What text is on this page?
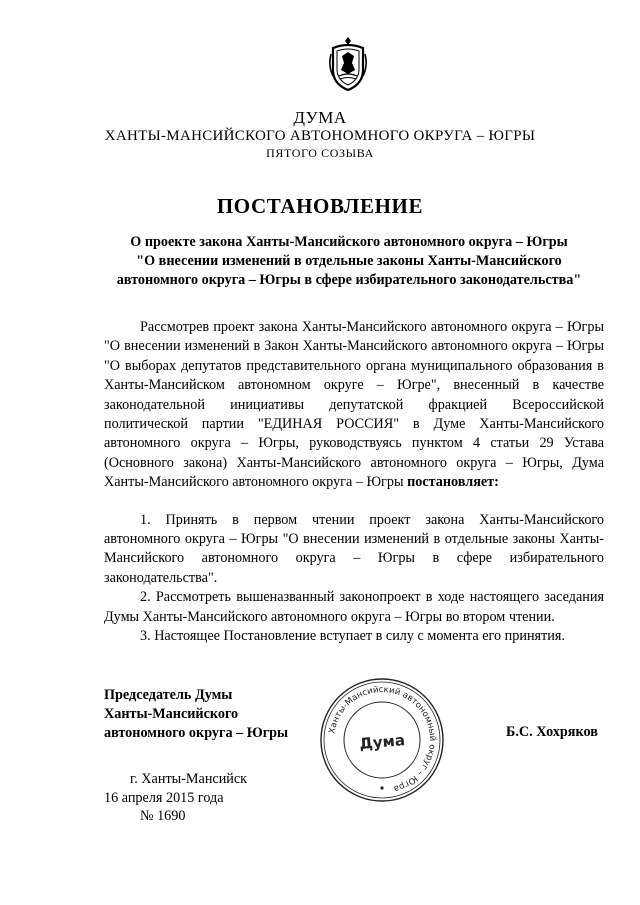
ДУМА
ХАНТЫ-МАНСИЙСКОГО АВТОНОМНОГО ОКРУГА – ЮГРЫ
ПЯТОГО СОЗЫВА
ПОСТАНОВЛЕНИЕ
О проекте закона Ханты-Мансийского автономного округа – Югры
"О внесении изменений в отдельные законы Ханты-Мансийского
автономного округа – Югры в сфере избирательного законодательства"

Рассмотрев проект закона Ханты-Мансийского автономного округа – Югры "О внесении изменений в Закон Ханты-Мансийского автономного округа – Югры "О выборах депутатов представительного органа муниципального образования в Ханты-Мансийском автономном округе – Югре", внесенный в качестве законодательной инициативы депутатской фракцией Всероссийской политической партии "ЕДИНАЯ РОССИЯ" в Думе Ханты-Мансийского автономного округа – Югры, руководствуясь пунктом 4 статьи 29 Устава (Основного закона) Ханты-Мансийского автономного округа – Югры, Дума Ханты-Мансийского автономного округа – Югры постановляет:

1. Принять в первом чтении проект закона Ханты-Мансийского автономного округа – Югры "О внесении изменений в отдельные законы Ханты-Мансийского автономного округа – Югры в сфере избирательного законодательства".

2. Рассмотреть вышеназванный законопроект в ходе настоящего заседания Думы Ханты-Мансийского автономного округа – Югры во втором чтении.

3. Настоящее Постановление вступает в силу с момента его принятия.

Председатель Думы
Ханты-Мансийского
автономного округа – Югры	Ханты-Мансийский автономный округ – Югра
Дума	Б.С. Хохряков
г. Ханты-Мансийск
16 апреля 2015 года
№ 1690
